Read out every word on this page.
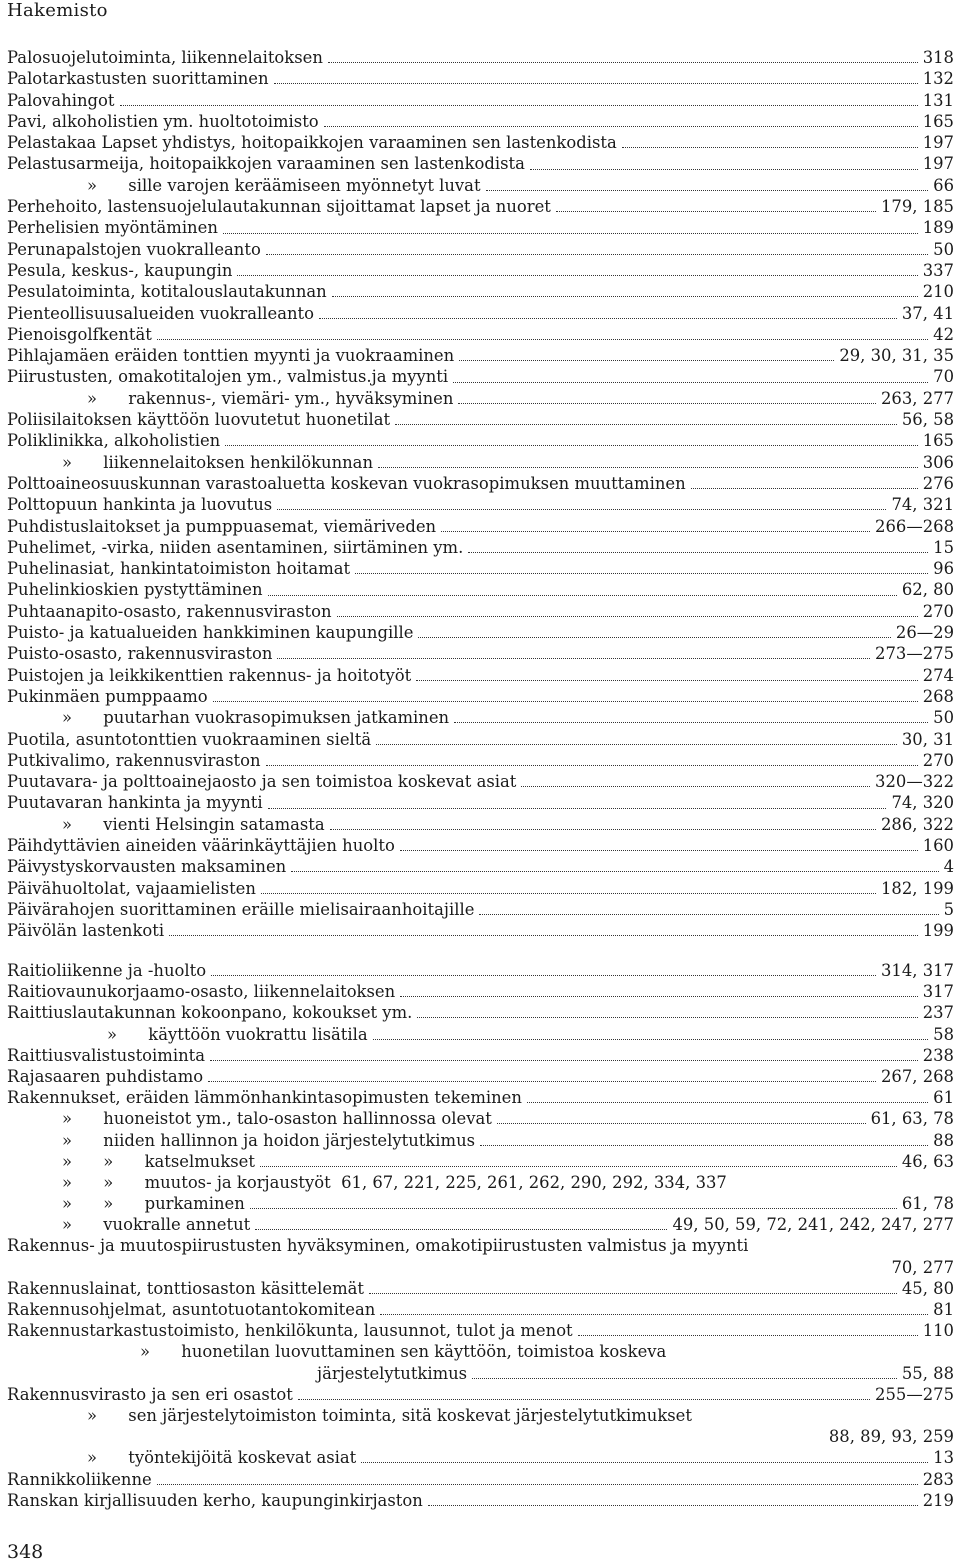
Hakemisto
Palosuojelutoiminta, liikennelaitoksen	318
Palotarkastusten suorittaminen	132
Palovahingot	131
Pavi, alkoholistien ym. huoltotoimisto	165
Pelastakaa Lapset yhdistys, hoitopaikkojen varaaminen sen lastenkodista	197
Pelastusarmeija, hoitopaikkojen varaaminen sen lastenkodista	197
»      sille varojen keräämiseen myönnetyt luvat	66
Perhehoito, lastensuojelulautakunnan sijoittamat lapset ja nuoret	179, 185
Perhelisien myöntäminen	189
Perunapalstojen vuokralleanto	50
Pesula, keskus-, kaupungin	337
Pesulatoiminta, kotitalouslautakunnan	210
Pienteollisuusalueiden vuokralleanto	37, 41
Pienoisgolfkentät	42
Pihlajamäen eräiden tonttien myynti ja vuokraaminen	29, 30, 31, 35
Piirustusten, omakotitalojen ym., valmistus.ja myynti	70
»      rakennus-, viemäri- ym., hyväksyminen	263, 277
Poliisilaitoksen käyttöön luovutetut huonetilat	56, 58
Poliklinikka, alkoholistien	165
»      liikennelaitoksen henkilökunnan	306
Polttoaineosuuskunnan varastoaluetta koskevan vuokrasopimuksen muuttaminen	276
Polttopuun hankinta ja luovutus	74, 321
Puhdistuslaitokset ja pumppuasemat, viemäriveden	266—268
Puhelimet, -virka, niiden asentaminen, siirtäminen ym.	15
Puhelinasiat, hankintatoimiston hoitamat	96
Puhelinkioskien pystyttäminen	62, 80
Puhtaanapito-osasto, rakennusviraston	270
Puisto- ja katualueiden hankkiminen kaupungille	26—29
Puisto-osasto, rakennusviraston	273—275
Puistojen ja leikkikenttien rakennus- ja hoitotyöt	274
Pukinmäen pumppaamo	268
»      puutarhan vuokrasopimuksen jatkaminen	50
Puotila, asuntotonttien vuokraaminen sieltä	30, 31
Putkivalimo, rakennusviraston	270
Puutavara- ja polttoainejaosto ja sen toimistoa koskevat asiat	320—322
Puutavaran hankinta ja myynti	74, 320
»      vienti Helsingin satamasta	286, 322
Päihdyttävien aineiden väärinkäyttäjien huolto	160
Päivystyskorvausten maksaminen	4
Päivähuoltolat, vajaamielisten	182, 199
Päivärahojen suorittaminen eräille mielisairaanhoitajille	5
Päivölän lastenkoti	199
Raitioliikenne ja -huolto	314, 317
Raitiovaunukorjaamo-osasto, liikennelaitoksen	317
Raittiuslautakunnan kokoonpano, kokoukset ym.	237
»      käyttöön vuokrattu lisätila	58
Raittiusvalistustoiminta	238
Rajasaaren puhdistamo	267, 268
Rakennukset, eräiden lämmönhankintasopimusten tekeminen	61
»      huoneistot ym., talo-osaston hallinnossa olevat	61, 63, 78
»      niiden hallinnon ja hoidon järjestelytutkimus	88
»      »      katselmukset	46, 63
»      »      muutos- ja korjaustyöt  61, 67, 221, 225, 261, 262, 290, 292, 334, 337
»      »      purkaminen	61, 78
»      vuokralle annetut	49, 50, 59, 72, 241, 242, 247, 277
Rakennus- ja muutospiirustusten hyväksyminen, omakotipiirustusten valmistus ja myynti
70, 277
Rakennuslainat, tonttiosaston käsittelemät	45, 80
Rakennusohjelmat, asuntotuotantokomitean	81
Rakennustarkastustoimisto, henkilökunta, lausunnot, tulot ja menot	110
»      huonetilan luovuttaminen sen käyttöön, toimistoa koskeva
järjestelytutkimus	55, 88
Rakennusvirasto ja sen eri osastot	255—275
»      sen järjestelytoimiston toiminta, sitä koskevat järjestelytutkimukset
88, 89, 93, 259
»      työntekijöitä koskevat asiat	13
Rannikkoliikenne	283
Ranskan kirjallisuuden kerho, kaupunginkirjaston	219
348
